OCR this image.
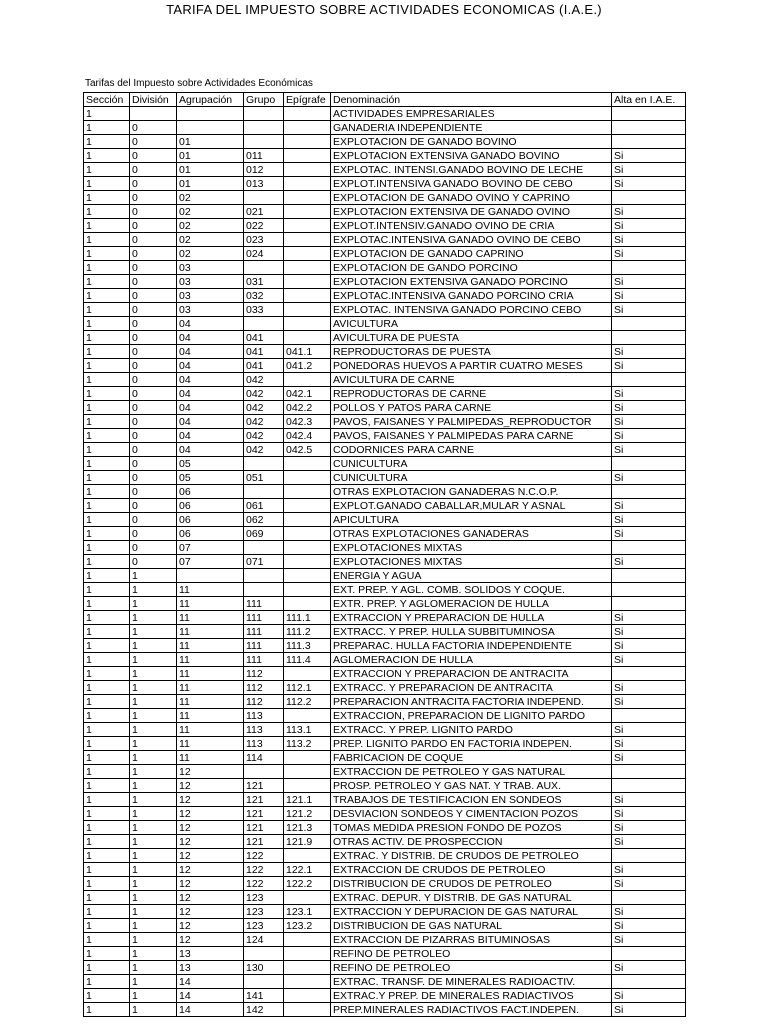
TARIFA DEL IMPUESTO SOBRE ACTIVIDADES ECONOMICAS (I.A.E.)
Tarifas del Impuesto sobre Actividades Económicas
Sección	División	Agrupación	Grupo	Epígrafe	Denominación	Alta en I.A.E.
1					ACTIVIDADES EMPRESARIALES	
1	0				GANADERIA INDEPENDIENTE	
1	0	01			EXPLOTACION DE GANADO BOVINO	
1	0	01	011		EXPLOTACION EXTENSIVA GANADO BOVINO	Si
1	0	01	012		EXPLOTAC. INTENSI.GANADO BOVINO DE LECHE	Si
1	0	01	013		EXPLOT.INTENSIVA GANADO BOVINO DE CEBO	Si
1	0	02			EXPLOTACION DE GANADO OVINO Y CAPRINO	
1	0	02	021		EXPLOTACION EXTENSIVA DE GANADO OVINO	Si
1	0	02	022		EXPLOT.INTENSIV.GANADO OVINO DE CRIA	Si
1	0	02	023		EXPLOTAC.INTENSIVA GANADO OVINO DE CEBO	Si
1	0	02	024		EXPLOTACION DE GANADO CAPRINO	Si
1	0	03			EXPLOTACION DE GANDO PORCINO	
1	0	03	031		EXPLOTACION EXTENSIVA GANADO PORCINO	Si
1	0	03	032		EXPLOTAC.INTENSIVA GANADO PORCINO CRIA	Si
1	0	03	033		EXPLOTAC. INTENSIVA GANADO PORCINO CEBO	Si
1	0	04			AVICULTURA	
1	0	04	041		AVICULTURA DE PUESTA	
1	0	04	041	041.1	REPRODUCTORAS DE PUESTA	Si
1	0	04	041	041.2	PONEDORAS HUEVOS A PARTIR CUATRO MESES	Si
1	0	04	042		AVICULTURA DE CARNE	
1	0	04	042	042.1	REPRODUCTORAS DE CARNE	Si
1	0	04	042	042.2	POLLOS Y PATOS PARA CARNE	Si
1	0	04	042	042.3	PAVOS, FAISANES Y PALMIPEDAS_REPRODUCTOR	Si
1	0	04	042	042.4	PAVOS, FAISANES Y PALMIPEDAS PARA CARNE	Si
1	0	04	042	042.5	CODORNICES PARA CARNE	Si
1	0	05			CUNICULTURA	
1	0	05	051		CUNICULTURA	Si
1	0	06			OTRAS EXPLOTACION GANADERAS N.C.O.P.	
1	0	06	061		EXPLOT.GANADO CABALLAR,MULAR Y ASNAL	Si
1	0	06	062		APICULTURA	Si
1	0	06	069		OTRAS EXPLOTACIONES GANADERAS	Si
1	0	07			EXPLOTACIONES MIXTAS	
1	0	07	071		EXPLOTACIONES MIXTAS	Si
1	1				ENERGIA Y AGUA	
1	1	11			EXT. PREP. Y AGL. COMB. SOLIDOS Y COQUE.	
1	1	11	111		EXTR. PREP. Y AGLOMERACION DE HULLA	
1	1	11	111	111.1	EXTRACCION Y PREPARACION DE HULLA	Si
1	1	11	111	111.2	EXTRACC. Y PREP. HULLA SUBBITUMINOSA	Si
1	1	11	111	111.3	PREPARAC. HULLA FACTORIA INDEPENDIENTE	Si
1	1	11	111	111.4	AGLOMERACION DE HULLA	Si
1	1	11	112		EXTRACCION Y PREPARACION DE ANTRACITA	
1	1	11	112	112.1	EXTRACC. Y PREPARACION DE ANTRACITA	Si
1	1	11	112	112.2	PREPARACION ANTRACITA FACTORIA INDEPEND.	Si
1	1	11	113		EXTRACCION, PREPARACION DE LIGNITO PARDO	
1	1	11	113	113.1	EXTRACC. Y PREP. LIGNITO PARDO	Si
1	1	11	113	113.2	PREP. LIGNITO PARDO EN FACTORIA INDEPEN.	Si
1	1	11	114		FABRICACION DE COQUE	Si
1	1	12			EXTRACCION DE PETROLEO Y GAS NATURAL	
1	1	12	121		PROSP. PETROLEO Y GAS NAT. Y TRAB. AUX.	
1	1	12	121	121.1	TRABAJOS DE TESTIFICACION EN SONDEOS	Si
1	1	12	121	121.2	DESVIACION SONDEOS Y CIMENTACION POZOS	Si
1	1	12	121	121.3	TOMAS MEDIDA PRESION FONDO DE POZOS	Si
1	1	12	121	121.9	OTRAS ACTIV. DE PROSPECCION	Si
1	1	12	122		EXTRAC. Y DISTRIB. DE CRUDOS DE PETROLEO	
1	1	12	122	122.1	EXTRACCION DE CRUDOS DE PETROLEO	Si
1	1	12	122	122.2	DISTRIBUCION DE CRUDOS DE PETROLEO	Si
1	1	12	123		EXTRAC. DEPUR. Y DISTRIB. DE GAS NATURAL	
1	1	12	123	123.1	EXTRACCION Y DEPURACION DE GAS NATURAL	Si
1	1	12	123	123.2	DISTRIBUCION DE GAS NATURAL	Si
1	1	12	124		EXTRACCION DE PIZARRAS BITUMINOSAS	Si
1	1	13			REFINO DE PETROLEO	
1	1	13	130		REFINO DE PETROLEO	Si
1	1	14			EXTRAC. TRANSF. DE MINERALES RADIOACTIV.	
1	1	14	141		EXTRAC.Y PREP. DE MINERALES RADIACTIVOS	Si
1	1	14	142		PREP.MINERALES RADIACTIVOS FACT.INDEPEN.	Si
